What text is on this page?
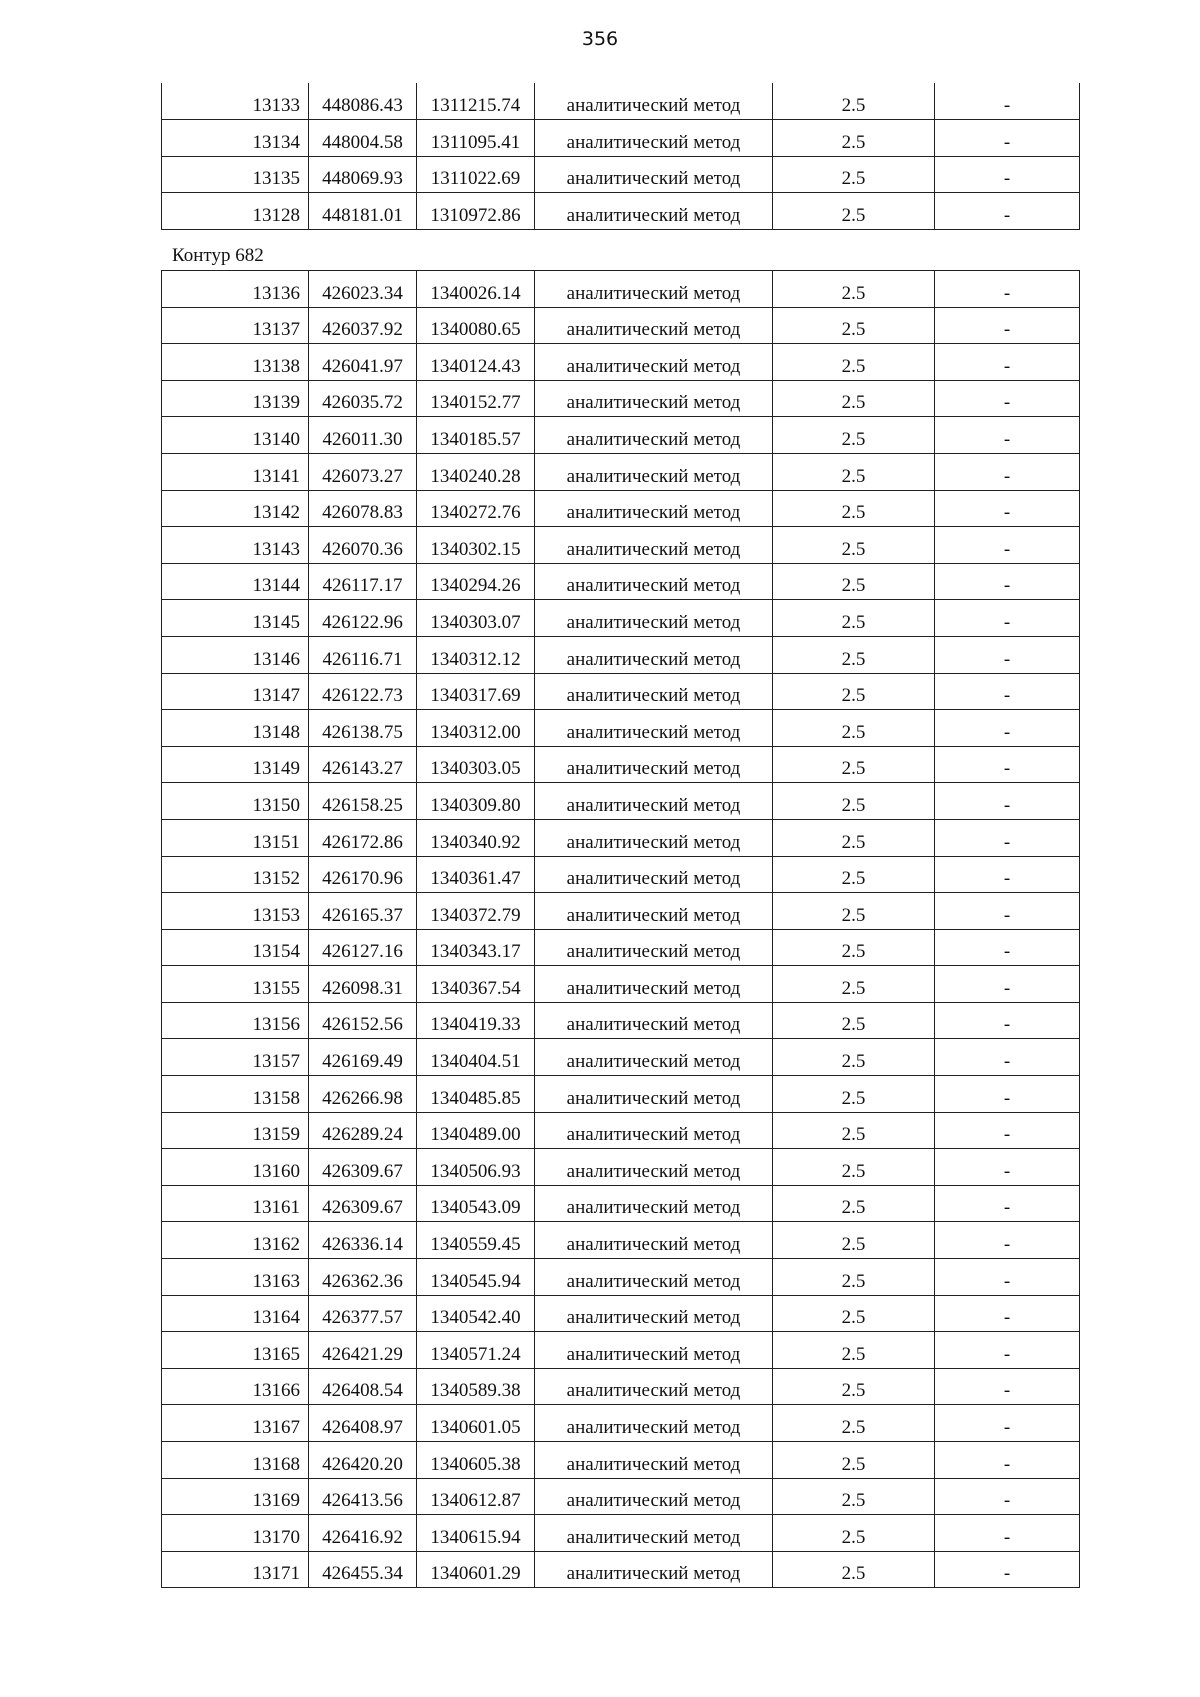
356
13133	448086.43	1311215.74	аналитический метод	2.5	-
13134	448004.58	1311095.41	аналитический метод	2.5	-
13135	448069.93	1311022.69	аналитический метод	2.5	-
13128	448181.01	1310972.86	аналитический метод	2.5	-
Контур 682
13136	426023.34	1340026.14	аналитический метод	2.5	-
13137	426037.92	1340080.65	аналитический метод	2.5	-
13138	426041.97	1340124.43	аналитический метод	2.5	-
13139	426035.72	1340152.77	аналитический метод	2.5	-
13140	426011.30	1340185.57	аналитический метод	2.5	-
13141	426073.27	1340240.28	аналитический метод	2.5	-
13142	426078.83	1340272.76	аналитический метод	2.5	-
13143	426070.36	1340302.15	аналитический метод	2.5	-
13144	426117.17	1340294.26	аналитический метод	2.5	-
13145	426122.96	1340303.07	аналитический метод	2.5	-
13146	426116.71	1340312.12	аналитический метод	2.5	-
13147	426122.73	1340317.69	аналитический метод	2.5	-
13148	426138.75	1340312.00	аналитический метод	2.5	-
13149	426143.27	1340303.05	аналитический метод	2.5	-
13150	426158.25	1340309.80	аналитический метод	2.5	-
13151	426172.86	1340340.92	аналитический метод	2.5	-
13152	426170.96	1340361.47	аналитический метод	2.5	-
13153	426165.37	1340372.79	аналитический метод	2.5	-
13154	426127.16	1340343.17	аналитический метод	2.5	-
13155	426098.31	1340367.54	аналитический метод	2.5	-
13156	426152.56	1340419.33	аналитический метод	2.5	-
13157	426169.49	1340404.51	аналитический метод	2.5	-
13158	426266.98	1340485.85	аналитический метод	2.5	-
13159	426289.24	1340489.00	аналитический метод	2.5	-
13160	426309.67	1340506.93	аналитический метод	2.5	-
13161	426309.67	1340543.09	аналитический метод	2.5	-
13162	426336.14	1340559.45	аналитический метод	2.5	-
13163	426362.36	1340545.94	аналитический метод	2.5	-
13164	426377.57	1340542.40	аналитический метод	2.5	-
13165	426421.29	1340571.24	аналитический метод	2.5	-
13166	426408.54	1340589.38	аналитический метод	2.5	-
13167	426408.97	1340601.05	аналитический метод	2.5	-
13168	426420.20	1340605.38	аналитический метод	2.5	-
13169	426413.56	1340612.87	аналитический метод	2.5	-
13170	426416.92	1340615.94	аналитический метод	2.5	-
13171	426455.34	1340601.29	аналитический метод	2.5	-
